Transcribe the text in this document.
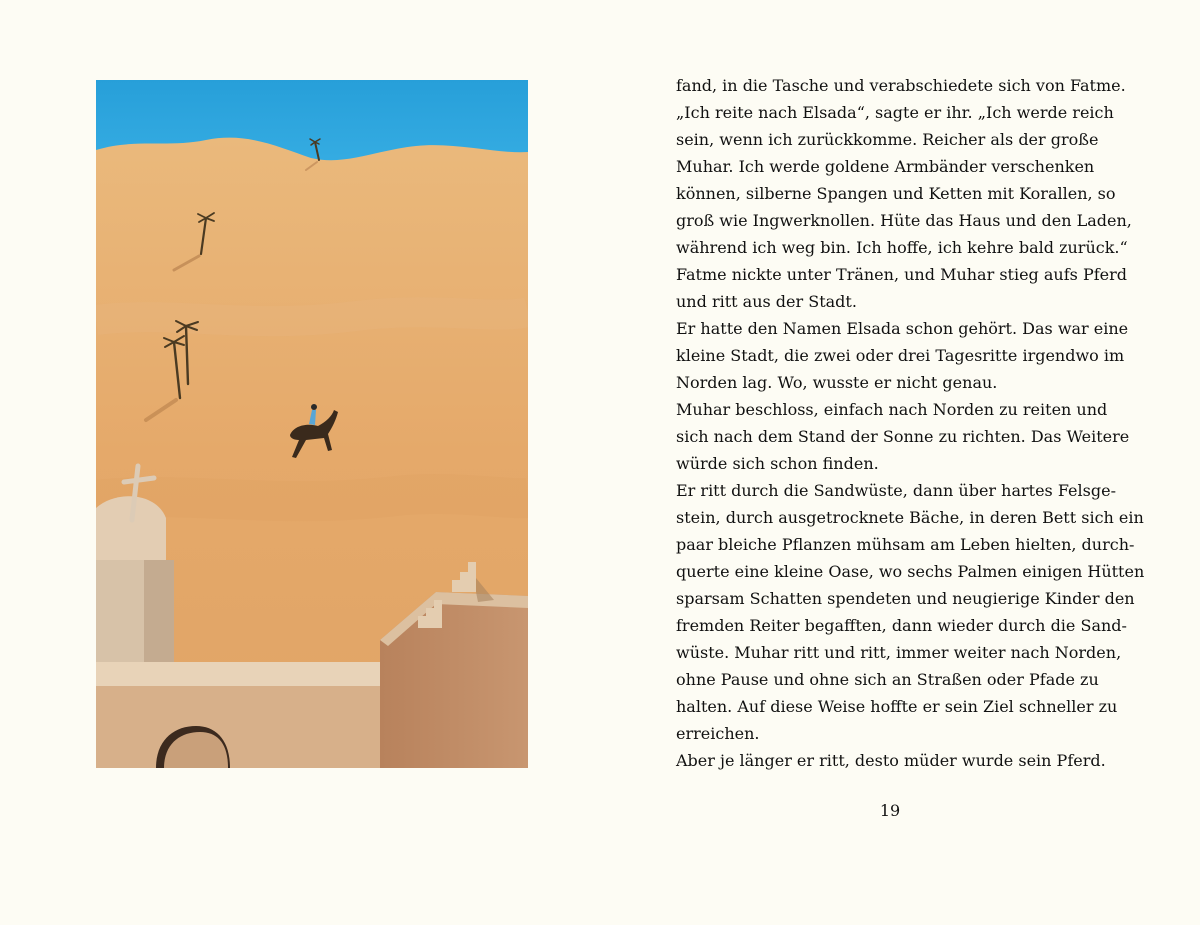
fand, in die Tasche und verabschiedete sich von Fatme.
„Ich reite nach Elsada“, sagte er ihr. „Ich werde reich
sein, wenn ich zurückkomme. Reicher als der große
Muhar. Ich werde goldene Armbänder verschenken
können, silberne Spangen und Ketten mit Korallen, so
groß wie Ingwerknollen. Hüte das Haus und den Laden,
während ich weg bin. Ich hoffe, ich kehre bald zurück.“
Fatme nickte unter Tränen, und Muhar stieg aufs Pferd
und ritt aus der Stadt.
Er hatte den Namen Elsada schon gehört. Das war eine
kleine Stadt, die zwei oder drei Tagesritte irgendwo im
Norden lag. Wo, wusste er nicht genau.
Muhar beschloss, einfach nach Norden zu reiten und
sich nach dem Stand der Sonne zu richten. Das Weitere
würde sich schon finden.
Er ritt durch die Sandwüste, dann über hartes Felsge-
stein, durch ausgetrocknete Bäche, in deren Bett sich ein
paar bleiche Pflanzen mühsam am Leben hielten, durch-
querte eine kleine Oase, wo sechs Palmen einigen Hütten
sparsam Schatten spendeten und neugierige Kinder den
fremden Reiter begafften, dann wieder durch die Sand-
wüste. Muhar ritt und ritt, immer weiter nach Norden,
ohne Pause und ohne sich an Straßen oder Pfade zu
halten. Auf diese Weise hoffte er sein Ziel schneller zu
erreichen.
Aber je länger er ritt, desto müder wurde sein Pferd.
19
